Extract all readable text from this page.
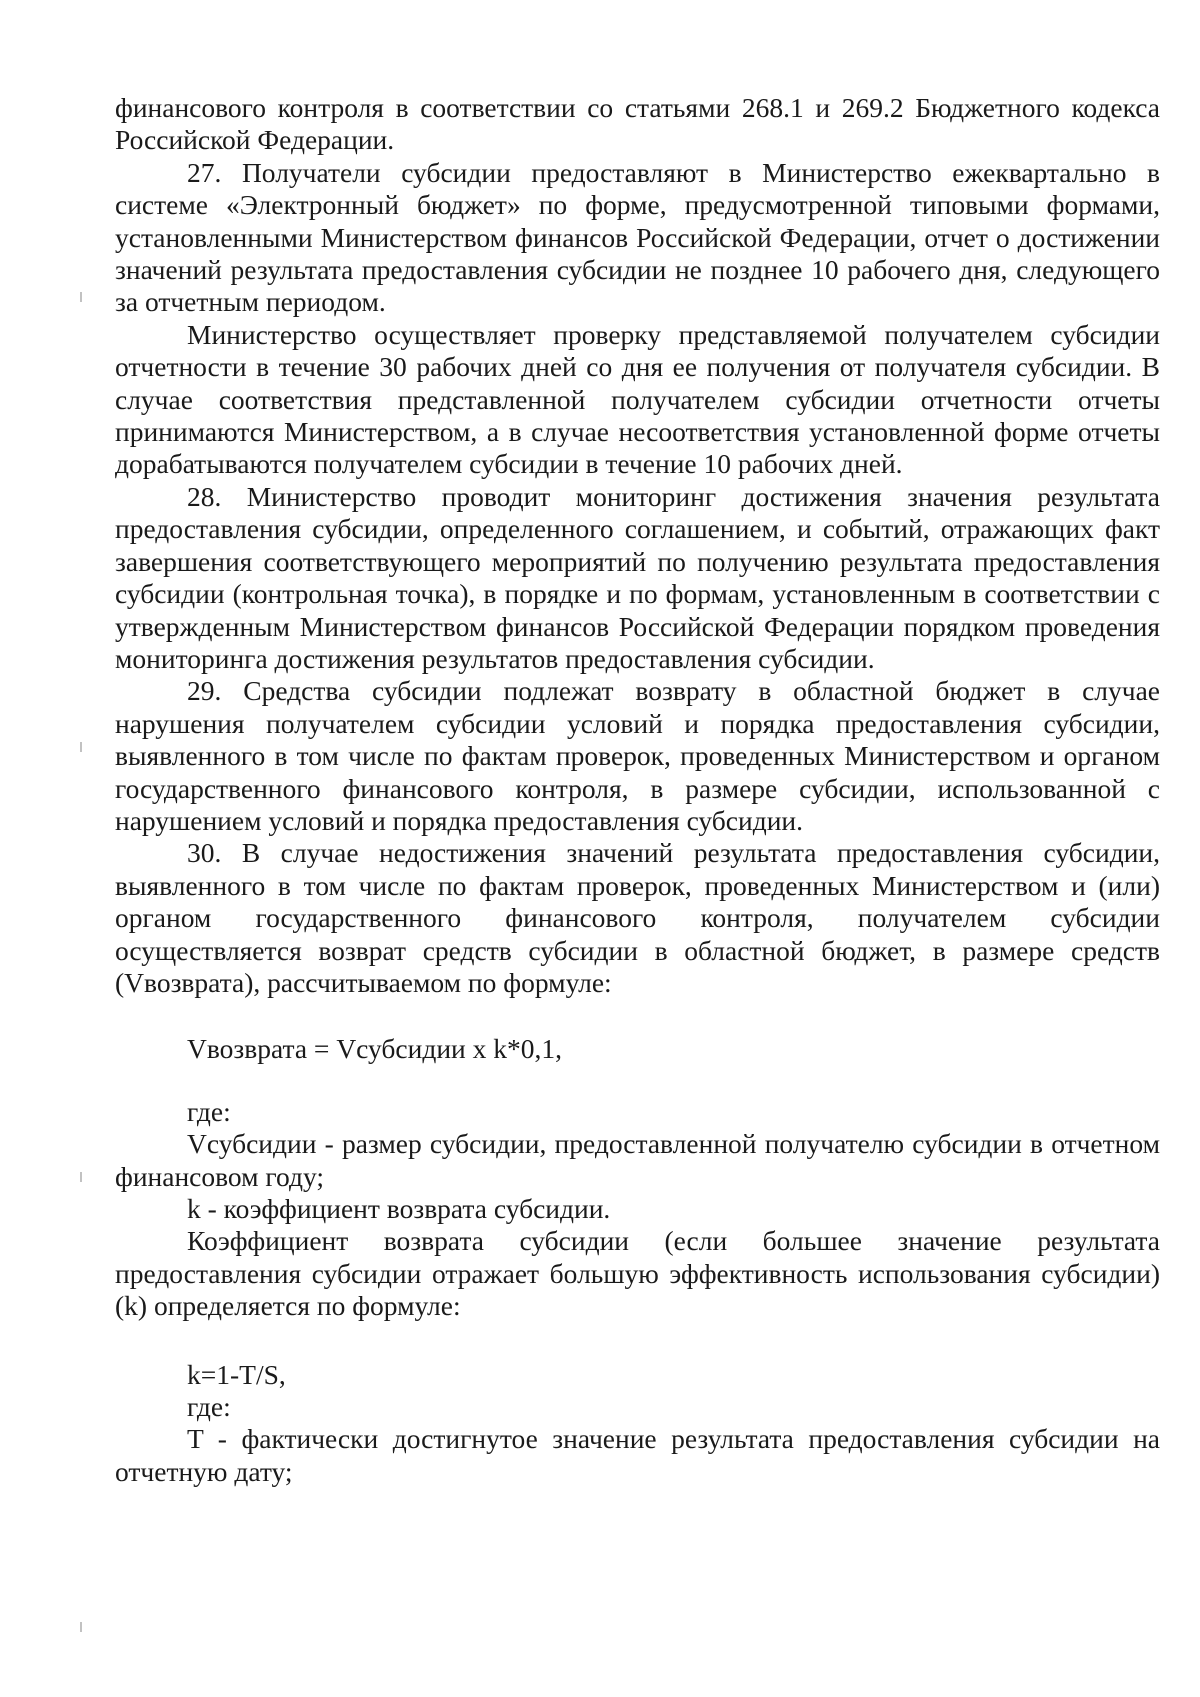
финансового контроля в соответствии со статьями 268.1 и 269.2 Бюджетного кодекса Российской Федерации.

27. Получатели субсидии предоставляют в Министерство ежеквартально в системе «Электронный бюджет» по форме, предусмотренной типовыми формами, установленными Министерством финансов Российской Федерации, отчет о достижении значений результата предоставления субсидии не позднее 10 рабочего дня, следующего за отчетным периодом.

Министерство осуществляет проверку представляемой получателем субсидии отчетности в течение 30 рабочих дней со дня ее получения от получателя субсидии. В случае соответствия представленной получателем субсидии отчетности отчеты принимаются Министерством, а в случае несоответствия установленной форме отчеты дорабатываются получателем субсидии в течение 10 рабочих дней.

28. Министерство проводит мониторинг достижения значения результата предоставления субсидии, определенного соглашением, и событий, отражающих факт завершения соответствующего мероприятий по получению результата предоставления субсидии (контрольная точка), в порядке и по формам, установленным в соответствии с утвержденным Министерством финансов Российской Федерации порядком проведения мониторинга достижения результатов предоставления субсидии.

29. Средства субсидии подлежат возврату в областной бюджет в случае нарушения получателем субсидии условий и порядка предоставления субсидии, выявленного в том числе по фактам проверок, проведенных Министерством и органом государственного финансового контроля, в размере субсидии, использованной с нарушением условий и порядка предоставления субсидии.

30. В случае недостижения значений результата предоставления субсидии, выявленного в том числе по фактам проверок, проведенных Министерством и (или) органом государственного финансового контроля, получателем субсидии осуществляется возврат средств субсидии в областной бюджет, в размере средств (Vвозврата), рассчитываемом по формуле:

Vвозврата = Vсубсидии x k*0,1,

где:

Vсубсидии - размер субсидии, предоставленной получателю субсидии в отчетном финансовом году;

k - коэффициент возврата субсидии.

Коэффициент возврата субсидии (если большее значение результата предоставления субсидии отражает большую эффективность использования субсидии) (k) определяется по формуле:

k=1-T/S,

где:

T - фактически достигнутое значение результата предоставления субсидии на отчетную дату;
